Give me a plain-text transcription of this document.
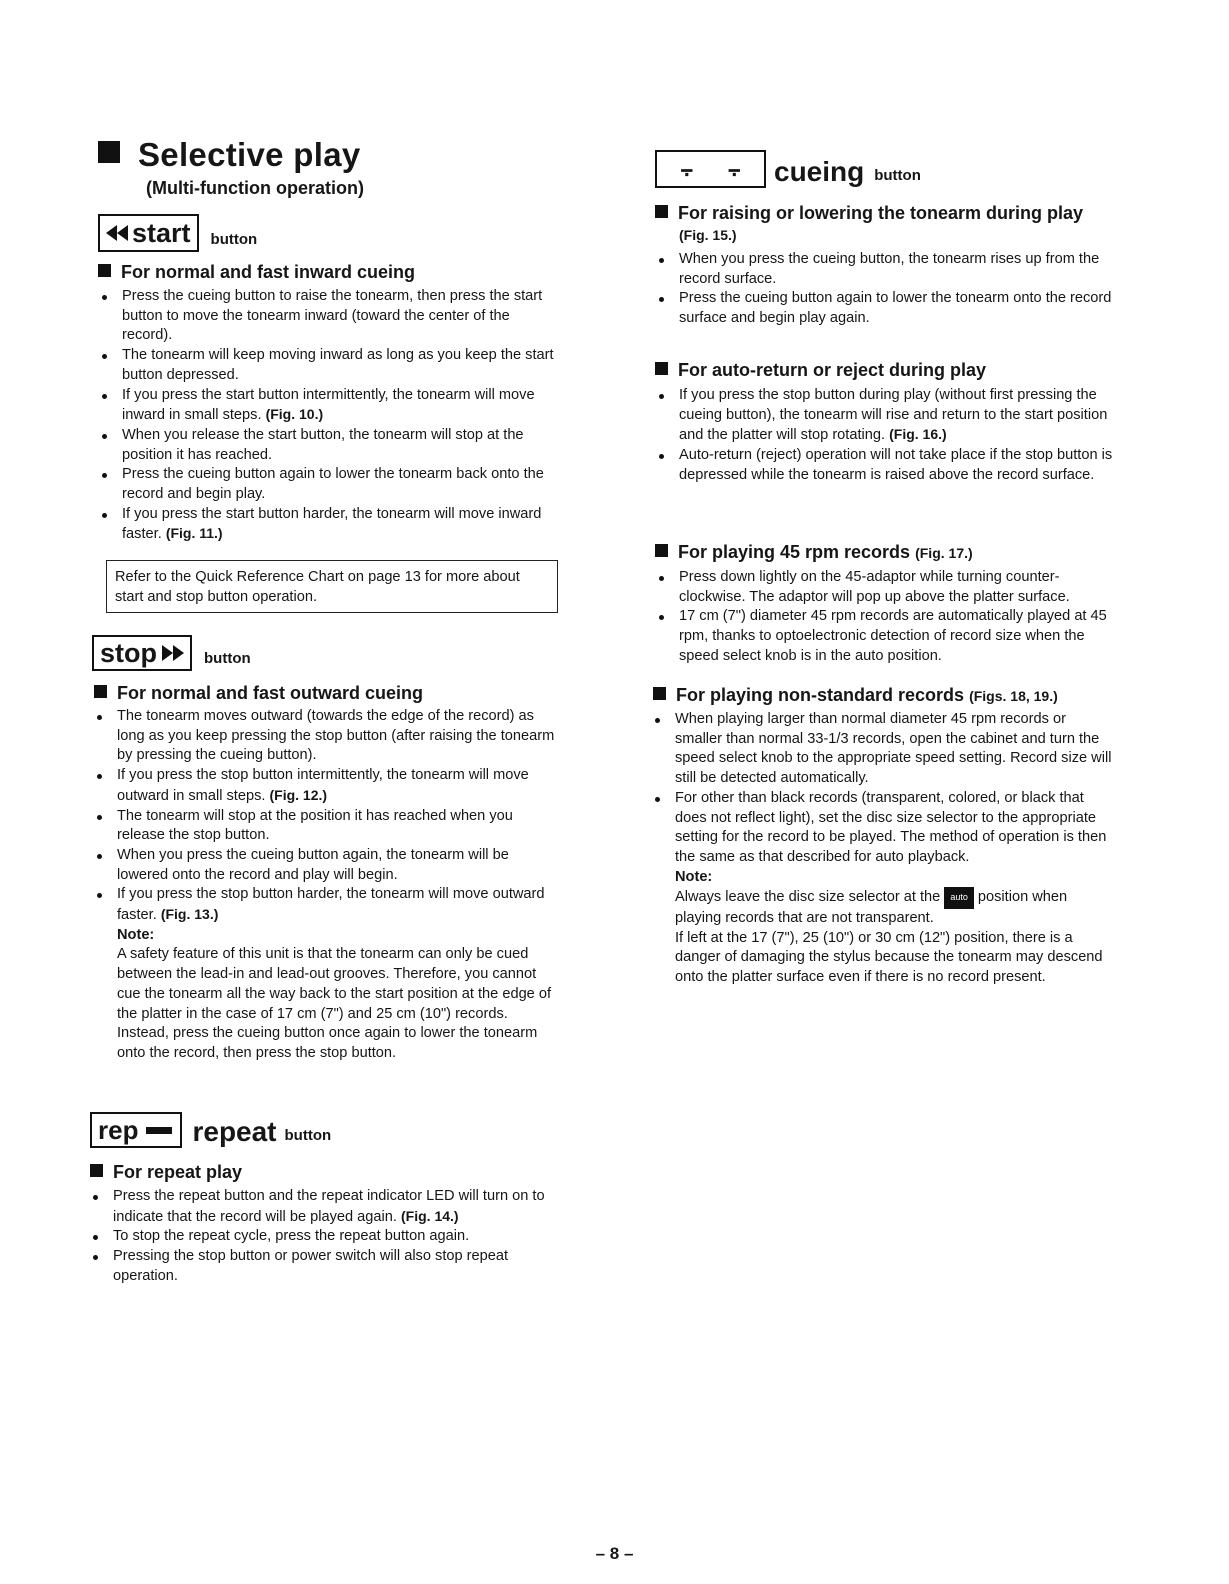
Selective play
(Multi-function operation)
start button
For normal and fast inward cueing
Press the cueing button to raise the tonearm, then press the start button to move the tonearm inward (toward the center of the record).
The tonearm will keep moving inward as long as you keep the start button depressed.
If you press the start button intermittently, the tonearm will move inward in small steps. (Fig. 10.)
When you release the start button, the tonearm will stop at the position it has reached.
Press the cueing button again to lower the tonearm back onto the record and begin play.
If you press the start button harder, the tonearm will move inward faster. (Fig. 11.)
Refer to the Quick Reference Chart on page 13 for more about start and stop button operation.
stop	button
For normal and fast outward cueing
The tonearm moves outward (towards the edge of the record) as long as you keep pressing the stop button (after raising the tonearm by pressing the cueing button).
If you press the stop button intermittently, the tonearm will move outward in small steps. (Fig. 12.)
The tonearm will stop at the position it has reached when you release the stop button.
When you press the cueing button again, the tonearm will be lowered onto the record and play will begin.
If you press the stop button harder, the tonearm will move outward faster. (Fig. 13.)
Note:
A safety feature of this unit is that the tonearm can only be cued between the lead-in and lead-out grooves. Therefore, you cannot cue the tonearm all the way back to the start position at the edge of the platter in the case of 17 cm (7") and 25 cm (10") records. Instead, press the cueing button once again to lower the tonearm onto the record, then press the stop button.
rep repeat button
For repeat play
Press the repeat button and the repeat indicator LED will turn on to indicate that the record will be played again. (Fig. 14.)
To stop the repeat cycle, press the repeat button again.
Pressing the stop button or power switch will also stop repeat operation.
⨪ ⨪ cueing button
For raising or lowering the tonearm during play
(Fig. 15.)
When you press the cueing button, the tonearm rises up from the record surface.
Press the cueing button again to lower the tonearm onto the record surface and begin play again.
For auto-return or reject during play
If you press the stop button during play (without first pressing the cueing button), the tonearm will rise and return to the start position and the platter will stop rotating. (Fig. 16.)
Auto-return (reject) operation will not take place if the stop button is depressed while the tonearm is raised above the record surface.
For playing 45 rpm records (Fig. 17.)
Press down lightly on the 45-adaptor while turning counter-clockwise. The adaptor will pop up above the platter surface.
17 cm (7") diameter 45 rpm records are automatically played at 45 rpm, thanks to optoelectronic detection of record size when the speed select knob is in the auto position.
For playing non-standard records (Figs. 18, 19.)
When playing larger than normal diameter 45 rpm records or smaller than normal 33-1/3 records, open the cabinet and turn the speed select knob to the appropriate speed setting. Record size will still be detected automatically.
For other than black records (transparent, colored, or black that does not reflect light), set the disc size selector to the appropriate setting for the record to be played. The method of operation is then the same as that described for auto playback.
Note:
Always leave the disc size selector at the auto position when playing records that are not transparent.
If left at the 17 (7"), 25 (10") or 30 cm (12") position, there is a danger of damaging the stylus because the tonearm may descend onto the platter surface even if there is no record present.
– 8 –
